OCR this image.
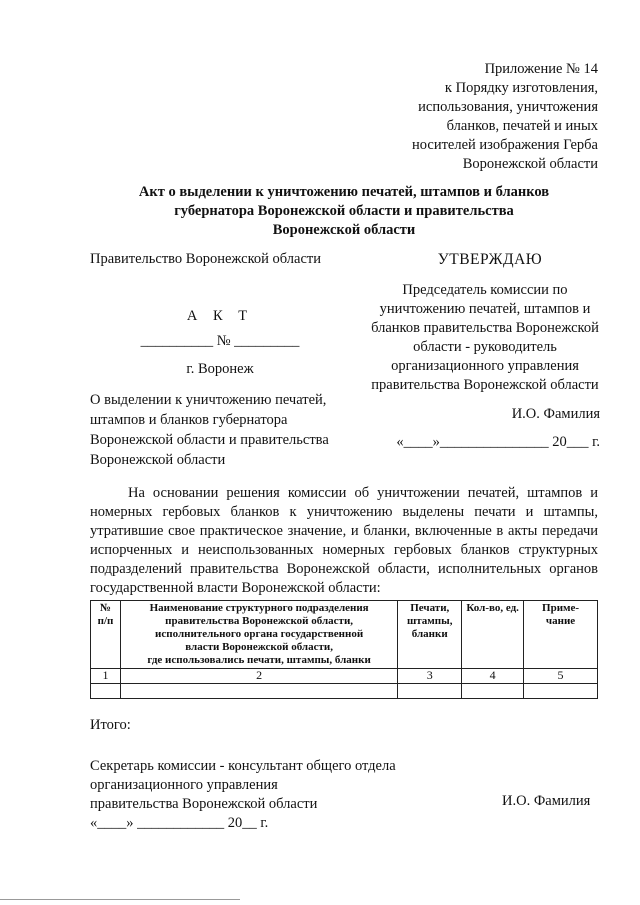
Приложение № 14
к Порядку изготовления,
использования, уничтожения
бланков, печатей и иных
носителей изображения Герба
Воронежской области
Акт о выделении к уничтожению печатей, штампов и бланков
губернатора Воронежской области и правительства
Воронежской области
Правительство Воронежской области
А К Т
__________ № _________
г. Воронеж
О выделении к уничтожению печатей, штампов и бланков губернатора Воронежской области и правительства Воронежской области
УТВЕРЖДАЮ
Председатель комиссии по уничтожению печатей, штампов и бланков правительства Воронежской области - руководитель организационного управления правительства Воронежской области
И.О. Фамилия
«____»_______________ 20___ г.
На основании решения комиссии об уничтожении печатей, штампов и номерных гербовых бланков к уничтожению выделены печати и штампы, утратившие свое практическое значение, и бланки, включенные в акты передачи испорченных и неиспользованных номерных гербовых бланков структурных подразделений правительства Воронежской области, исполнительных органов государственной власти Воронежской области:
№ п/п	Наименование структурного подразделения
правительства Воронежской области,
исполнительного органа государственной
власти Воронежской области,
где использовались печати, штампы, бланки	Печати, штампы, бланки	Кол-во, ед.	Приме- чание
1	2	3	4	5

Итого:
Секретарь комиссии - консультант общего отдела
организационного управления
правительства Воронежской области
«____» ____________ 20__ г.
И.О. Фамилия
